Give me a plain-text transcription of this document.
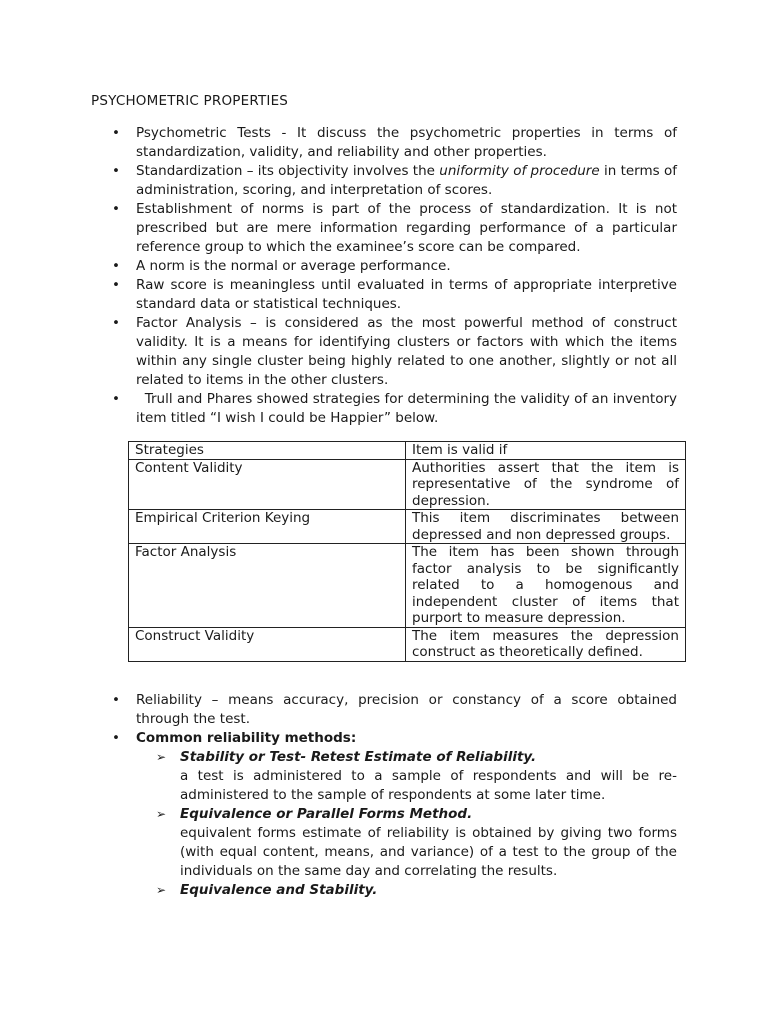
PSYCHOMETRIC PROPERTIES
• Psychometric Tests - It discuss the psychometric properties in terms of standardization, validity, and reliability and other properties.
• Standardization – its objectivity involves the uniformity of procedure in terms of administration, scoring, and interpretation of scores.
• Establishment of norms is part of the process of standardization. It is not prescribed but are mere information regarding performance of a particular reference group to which the examinee’s score can be compared.
• A norm is the normal or average performance.
• Raw score is meaningless until evaluated in terms of appropriate interpretive standard data or statistical techniques.
• Factor Analysis – is considered as the most powerful method of construct validity. It is a means for identifying clusters or factors with which the items within any single cluster being highly related to one another, slightly or not all related to items in the other clusters.
•   Trull and Phares showed strategies for determining the validity of an inventory item titled “I wish I could be Happier” below.
Strategies	Item is valid if
Content Validity	Authorities assert that the item is representative of the syndrome of depression.
Empirical Criterion Keying	This item discriminates between depressed and non depressed groups.
Factor Analysis	The item has been shown through factor analysis to be significantly related to a homogenous and independent cluster of items that purport to measure depression.
Construct Validity	The item measures the depression construct as theoretically defined.
• Reliability – means accuracy, precision or constancy of a score obtained through the test.
• Common reliability methods:
➢ Stability or Test- Retest Estimate of Reliability.
a test is administered to a sample of respondents and will be re-administered to the sample of respondents at some later time.
➢ Equivalence or Parallel Forms Method.
equivalent forms estimate of reliability is obtained by giving two forms (with equal content, means, and variance) of a test to the group of the individuals on the same day and correlating the results.
➢ Equivalence and Stability.
